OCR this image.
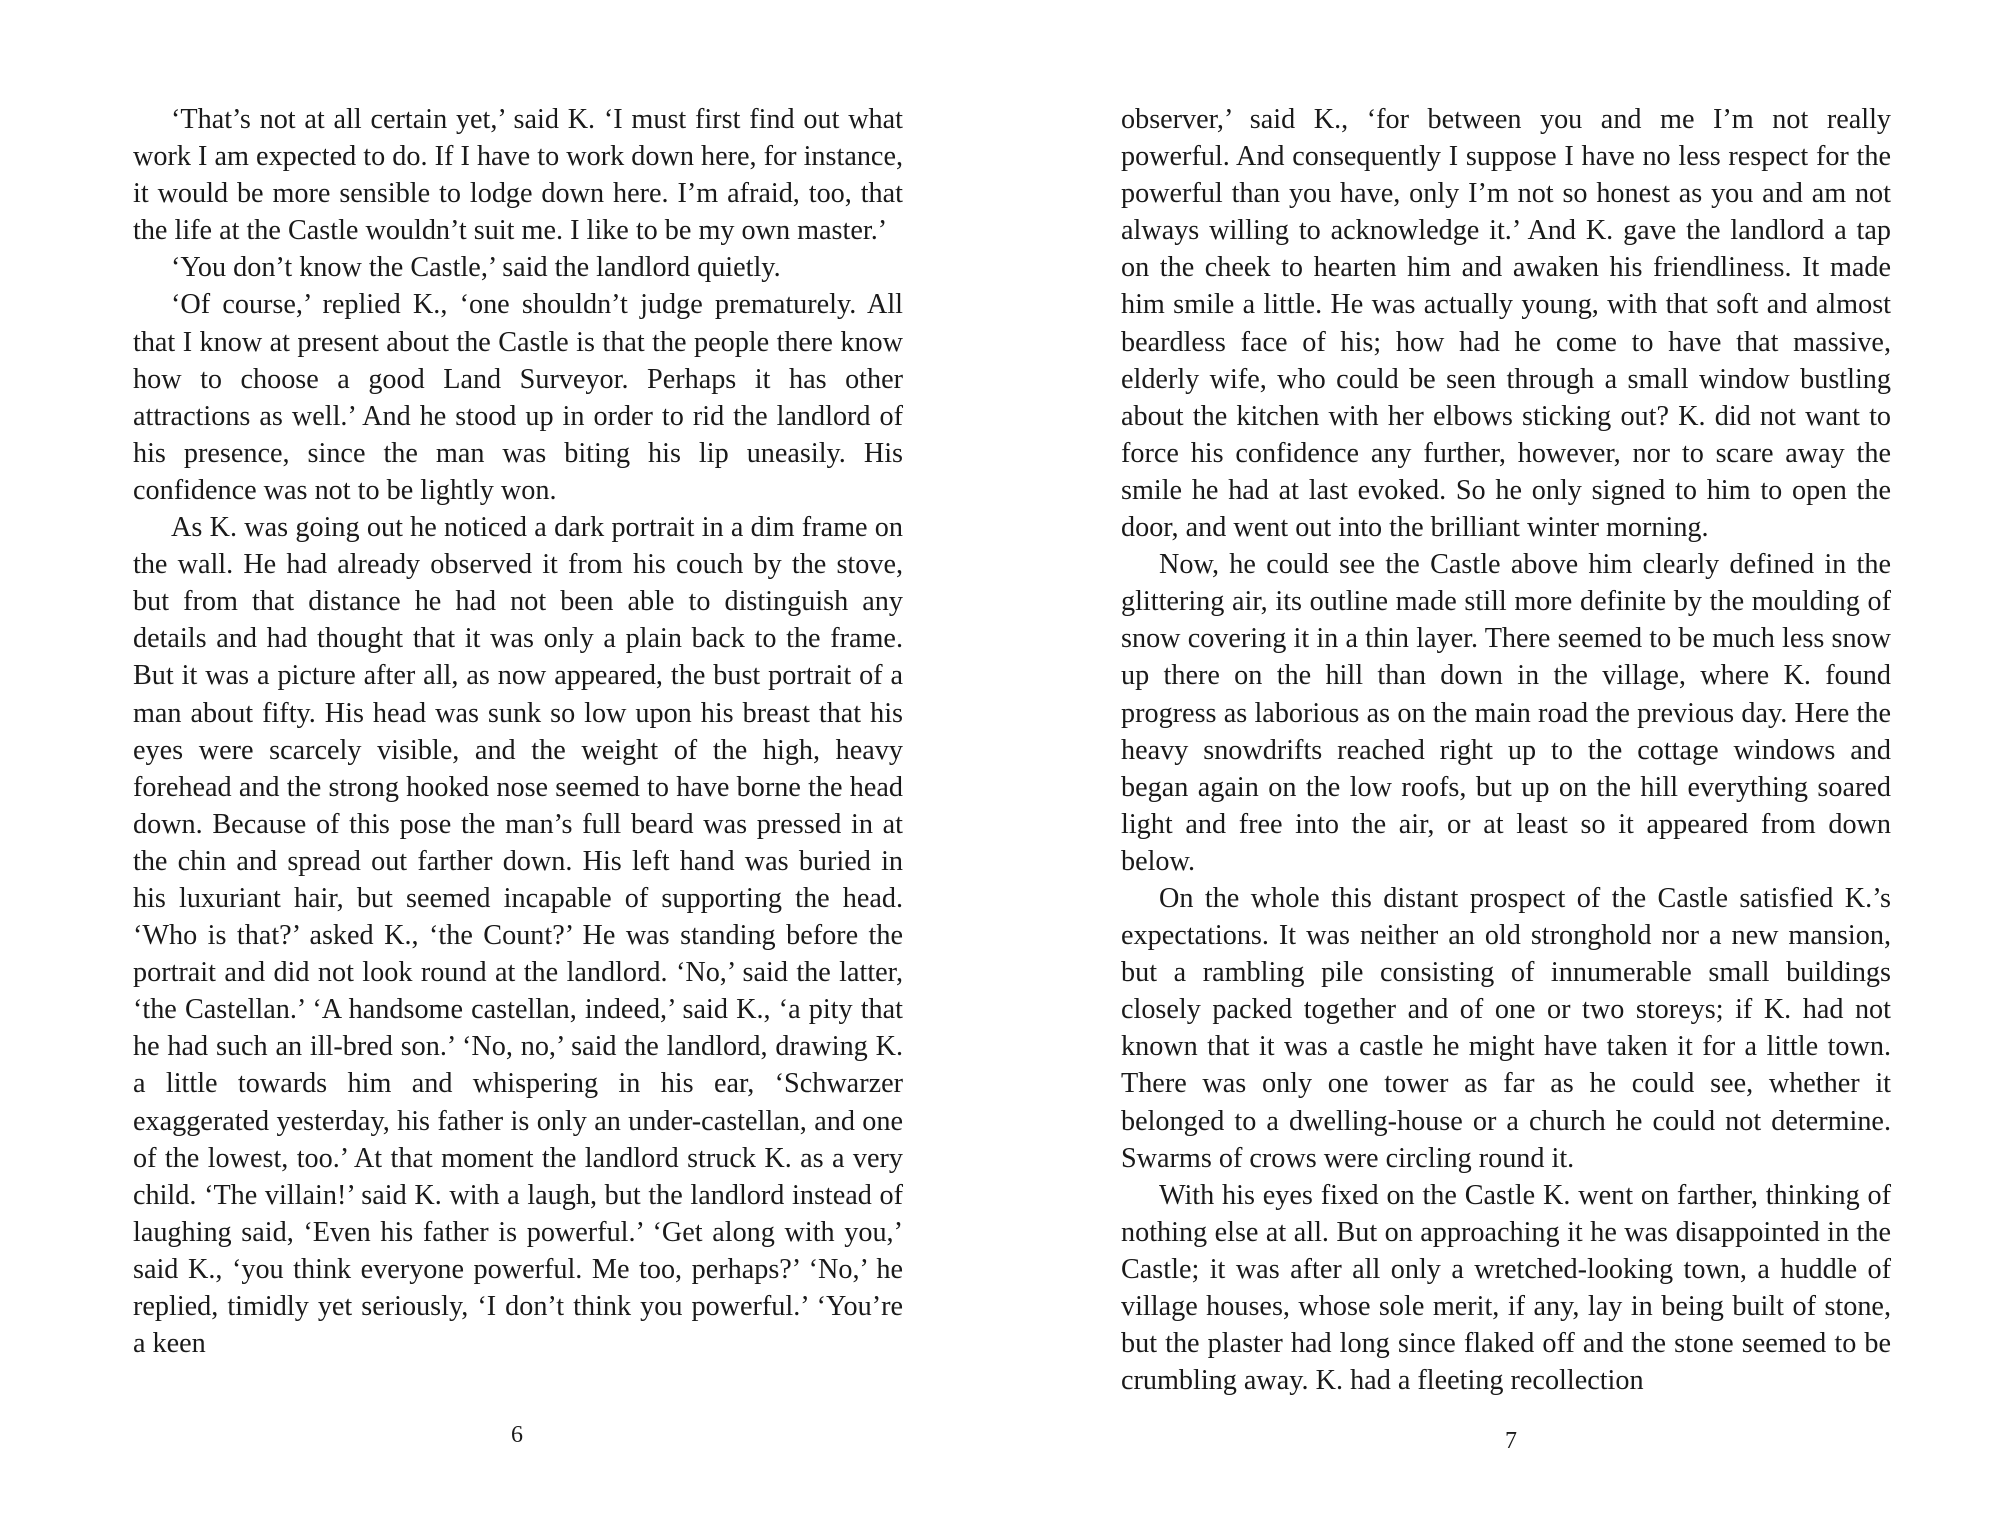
‘That’s not at all certain yet,’ said K. ‘I must first find out what work I am expected to do. If I have to work down here, for instance, it would be more sensible to lodge down here. I’m afraid, too, that the life at the Castle wouldn’t suit me. I like to be my own master.’

‘You don’t know the Castle,’ said the landlord quietly.

‘Of course,’ replied K., ‘one shouldn’t judge prematurely. All that I know at present about the Castle is that the people there know how to choose a good Land Surveyor. Perhaps it has other attractions as well.’ And he stood up in order to rid the landlord of his presence, since the man was biting his lip uneasily. His confidence was not to be lightly won.

As K. was going out he noticed a dark portrait in a dim frame on the wall. He had already observed it from his couch by the stove, but from that distance he had not been able to distinguish any details and had thought that it was only a plain back to the frame. But it was a picture after all, as now appeared, the bust portrait of a man about fifty. His head was sunk so low upon his breast that his eyes were scarcely visible, and the weight of the high, heavy forehead and the strong hooked nose seemed to have borne the head down. Because of this pose the man’s full beard was pressed in at the chin and spread out farther down. His left hand was buried in his luxuriant hair, but seemed incapable of supporting the head. ‘Who is that?’ asked K., ‘the Count?’ He was standing before the portrait and did not look round at the landlord. ‘No,’ said the latter, ‘the Castellan.’ ‘A handsome castellan, indeed,’ said K., ‘a pity that he had such an ill-bred son.’ ‘No, no,’ said the landlord, drawing K. a little towards him and whispering in his ear, ‘Schwarzer exaggerated yesterday, his father is only an under-castellan, and one of the lowest, too.’ At that moment the landlord struck K. as a very child. ‘The villain!’ said K. with a laugh, but the landlord instead of laughing said, ‘Even his father is powerful.’ ‘Get along with you,’ said K., ‘you think everyone powerful. Me too, perhaps?’ ‘No,’ he replied, timidly yet seriously, ‘I don’t think you powerful.’ ‘You’re a keen

6

observer,’ said K., ‘for between you and me I’m not really powerful. And consequently I suppose I have no less respect for the powerful than you have, only I’m not so honest as you and am not always willing to acknowledge it.’ And K. gave the landlord a tap on the cheek to hearten him and awaken his friendliness. It made him smile a little. He was actually young, with that soft and almost beardless face of his; how had he come to have that massive, elderly wife, who could be seen through a small window bustling about the kitchen with her elbows sticking out? K. did not want to force his confidence any further, however, nor to scare away the smile he had at last evoked. So he only signed to him to open the door, and went out into the brilliant winter morning.

Now, he could see the Castle above him clearly defined in the glittering air, its outline made still more definite by the moulding of snow covering it in a thin layer. There seemed to be much less snow up there on the hill than down in the village, where K. found progress as laborious as on the main road the previous day. Here the heavy snowdrifts reached right up to the cottage windows and began again on the low roofs, but up on the hill everything soared light and free into the air, or at least so it appeared from down below.

On the whole this distant prospect of the Castle satisfied K.’s expectations. It was neither an old stronghold nor a new mansion, but a rambling pile consisting of innumerable small buildings closely packed together and of one or two storeys; if K. had not known that it was a castle he might have taken it for a little town. There was only one tower as far as he could see, whether it belonged to a dwelling-house or a church he could not determine. Swarms of crows were circling round it.

With his eyes fixed on the Castle K. went on farther, thinking of nothing else at all. But on approaching it he was disappointed in the Castle; it was after all only a wretched-looking town, a huddle of village houses, whose sole merit, if any, lay in being built of stone, but the plaster had long since flaked off and the stone seemed to be crumbling away. K. had a fleeting recollection

7
